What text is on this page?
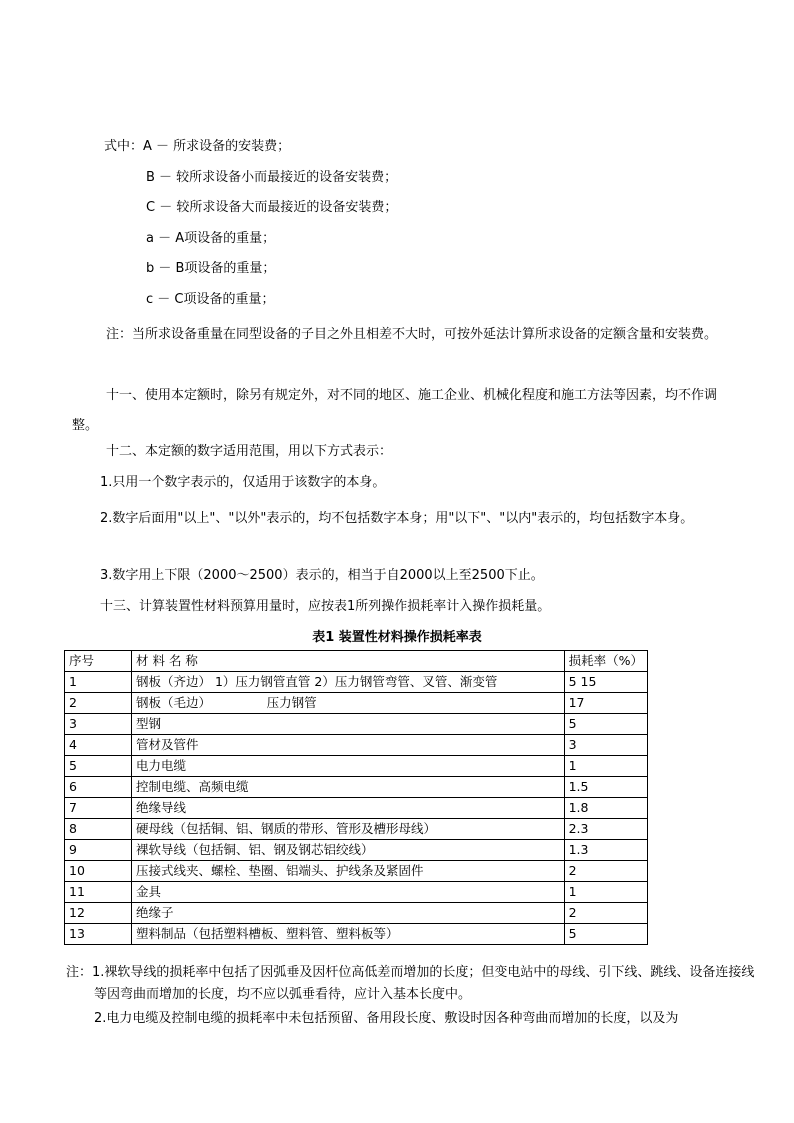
式中：A － 所求设备的安装费；
B － 较所求设备小而最接近的设备安装费；
C － 较所求设备大而最接近的设备安装费；
a － A项设备的重量；
b － B项设备的重量；
c － C项设备的重量；
注：当所求设备重量在同型设备的子目之外且相差不大时，可按外延法计算所求设备的定额含量和安装费。
十一、使用本定额时，除另有规定外，对不同的地区、施工企业、机械化程度和施工方法等因素，均不作调整。
十二、本定额的数字适用范围，用以下方式表示：
1.只用一个数字表示的，仅适用于该数字的本身。
2.数字后面用"以上"、"以外"表示的，均不包括数字本身；用"以下"、"以内"表示的，均包括数字本身。
3.数字用上下限（2000～2500）表示的，相当于自2000以上至2500下止。
十三、计算装置性材料预算用量时，应按表1所列操作损耗率计入操作损耗量。
表1 装置性材料操作损耗率表
序号	材 料 名 称	损耗率（%）
1	钢板（齐边） 1）压力钢管直管 2）压力钢管弯管、叉管、渐变管	5 15
2	钢板（毛边）              压力钢管	17
3	型钢	5
4	管材及管件	3
5	电力电缆	1
6	控制电缆、高频电缆	1.5
7	绝缘导线	1.8
8	硬母线（包括铜、铝、钢质的带形、管形及槽形母线）	2.3
9	裸软导线（包括铜、铝、钢及钢芯铝绞线）	1.3
10	压接式线夹、螺栓、垫圈、铝端头、护线条及紧固件	2
11	金具	1
12	绝缘子	2
13	塑料制品（包括塑料槽板、塑料管、塑料板等）	5
注：1.裸软导线的损耗率中包括了因弧垂及因杆位高低差而增加的长度；但变电站中的母线、引下线、跳线、设备连接线等因弯曲而增加的长度，均不应以弧垂看待，应计入基本长度中。
2.电力电缆及控制电缆的损耗率中未包括预留、备用段长度、敷设时因各种弯曲而增加的长度，以及为
